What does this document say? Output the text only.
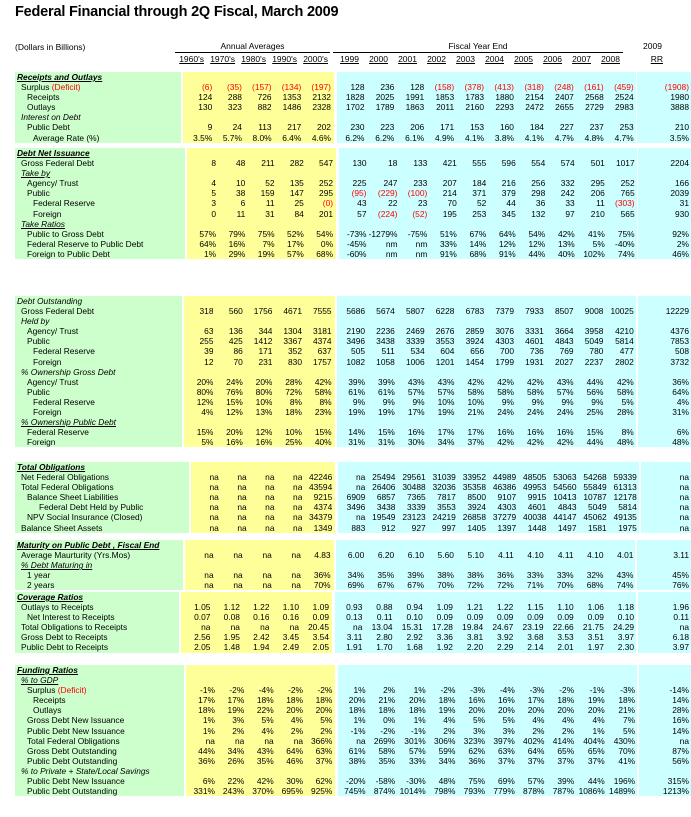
Federal Financial through 2Q Fiscal, March 2009
(Dollars in Billions)	Annual Averages	Fiscal Year End	2009
1960's 1970's 1980's 1990's 2000's	1999	2000	2001	2002	2003	2004	2005	2006	2007	2008	RR
Receipts and Outlays																			
Surplus (Deficit)		(6)	(35)	(157)	(134)	(197)		128	236	128	(158)	(378)	(413)	(318)	(248)	(161)	(459)		(1908)
Receipts		124	288	726	1353	2132		1828	2025	1991	1853	1783	1880	2154	2407	2568	2524		1980
Outlays		130	323	882	1486	2328		1702	1789	1863	2011	2160	2293	2472	2655	2729	2983		3888
Interest on Debt																			
Public Debt		9	24	113	217	202		230	223	206	171	153	160	184	227	237	253		210
Average Rate (%)		3.5%	5.7%	8.0%	6.4%	4.6%		6.2%	6.2%	6.1%	4.9%	4.1%	3.8%	4.1%	4.7%	4.8%	4.7%		3.5%
Debt Net Issuance																			
Gross Federal Debt		8	48	211	282	547		130	18	133	421	555	596	554	574	501	1017		2204
Take by																			
Agency/ Trust		4	10	52	135	252		225	247	233	207	184	216	256	332	295	252		166
Public		5	38	159	147	295		(95)	(229)	(100)	214	371	379	298	242	206	765		2039
Federal Reserve		3	6	11	25	(0)		43	22	23	70	52	44	36	33	11	(303)		31
Foreign		0	11	31	84	201		57	(224)	(52)	195	253	345	132	97	210	565		930
Take Ratios																			
Public to Gross Debt		57%	79%	75%	52%	54%		-73%	-1279%	-75%	51%	67%	64%	54%	42%	41%	75%		92%
Federal Reserve to Public Debt		64%	16%	7%	17%	0%		-45%	nm	nm	33%	14%	12%	12%	13%	5%	-40%		2%
Foreign to Public Debt		1%	29%	19%	57%	68%		-60%	nm	nm	91%	68%	91%	44%	40%	102%	74%		46%
Debt Outstanding																			
Gross Federal Debt		318	560	1756	4671	7555		5686	5674	5807	6228	6783	7379	7933	8507	9008	10025		12229
Held by																			
Agency/ Trust		63	136	344	1304	3181		2190	2236	2469	2676	2859	3076	3331	3664	3958	4210		4376
Public		255	425	1412	3367	4374		3496	3438	3339	3553	3924	4303	4601	4843	5049	5814		7853
Federal Reserve		39	86	171	352	637		505	511	534	604	656	700	736	769	780	477		508
Foreign		12	70	231	830	1757		1082	1058	1006	1201	1454	1799	1931	2027	2237	2802		3732
% Ownership Gross Debt																			
Agency/ Trust		20%	24%	20%	28%	42%		39%	39%	43%	43%	42%	42%	42%	43%	44%	42%		36%
Public		80%	76%	80%	72%	58%		61%	61%	57%	57%	58%	58%	58%	57%	56%	58%		64%
Federal Reserve		12%	15%	10%	8%	8%		9%	9%	9%	10%	10%	9%	9%	9%	9%	5%		4%
Foreign		4%	12%	13%	18%	23%		19%	19%	17%	19%	21%	24%	24%	24%	25%	28%		31%
% Ownership Public Debt																			
Federal Reserve		15%	20%	12%	10%	15%		14%	15%	16%	17%	17%	16%	16%	16%	15%	8%		6%
Foreign		5%	16%	16%	25%	40%		31%	31%	30%	34%	37%	42%	42%	42%	44%	48%		48%
Total Obligations																			
Net Federal Obligations		na	na	na	na	42246		na	25494	29561	31039	33952	44989	48505	53063	54268	59339		na
Total Federal Obligations		na	na	na	na	43594		na	26406	30488	32036	35358	46386	49953	54560	55849	61313		na
Balance Sheet Liabilities		na	na	na	na	9215		6909	6857	7365	7817	8500	9107	9915	10413	10787	12178		na
Federal Debt Held by Public		na	na	na	na	4374		3496	3438	3339	3553	3924	4303	4601	4843	5049	5814		na
NPV Social Insurance (Closed)		na	na	na	na	34379		na	19549	23123	24219	26858	37279	40038	44147	45062	49135		na
Balance Sheet Assets		na	na	na	na	1349		883	912	927	997	1405	1397	1448	1497	1581	1975		na
Maturity on Public Debt , Fiscal End																			
Average Maurturity (Yrs.Mos)		na	na	na	na	4.83		6.00	6.20	6.10	5.60	5.10	4.11	4.10	4.11	4.10	4.01		3.11
% Debt Maturing in																			
1 year		na	na	na	na	36%		34%	35%	39%	38%	38%	36%	33%	33%	32%	43%		45%
2 years		na	na	na	na	70%		69%	67%	67%	70%	72%	72%	71%	70%	68%	74%		76%
Coverage Ratios																			
Outlays to Receipts		1.05	1.12	1.22	1.10	1.09		0.93	0.88	0.94	1.09	1.21	1.22	1.15	1.10	1.06	1.18		1.96
Net Interest to Receipts		0.07	0.08	0.16	0.16	0.09		0.13	0.11	0.10	0.09	0.09	0.09	0.09	0.09	0.09	0.10		0.11
Total Obligations to Receipts		na	na	na	na	20.45		na	13.04	15.31	17.28	19.84	24.67	23.19	22.66	21.75	24.29		na
Gross Debt to Receipts		2.56	1.95	2.42	3.45	3.54		3.11	2.80	2.92	3.36	3.81	3.92	3.68	3.53	3.51	3.97		6.18
Public Debt to Receipts		2.05	1.48	1.94	2.49	2.05		1.91	1.70	1.68	1.92	2.20	2.29	2.14	2.01	1.97	2.30		3.97
Funding Ratios																			
% to GDP																			
Surplus (Deficit)		-1%	-2%	-4%	-2%	-2%		1%	2%	1%	-2%	-3%	-4%	-3%	-2%	-1%	-3%		-14%
Receipts		17%	17%	18%	18%	18%		20%	21%	20%	18%	16%	16%	17%	18%	19%	18%		14%
Outlays		18%	19%	22%	20%	20%		18%	18%	18%	19%	20%	20%	20%	20%	20%	21%		28%
Gross Debt New Issuance		1%	3%	5%	4%	5%		1%	0%	1%	4%	5%	5%	4%	4%	4%	7%		16%
Public Debt New Issuance		1%	2%	4%	2%	2%		-1%	-2%	-1%	2%	3%	3%	2%	2%	1%	5%		14%
Total Federal Obligations		na	na	na	na	366%		na	269%	301%	306%	323%	397%	402%	414%	404%	430%		na
Gross Debt Outstanding		44%	34%	43%	64%	63%		61%	58%	57%	59%	62%	63%	64%	65%	65%	70%		87%
Public Debt Outstanding		36%	26%	35%	46%	37%		38%	35%	33%	34%	36%	37%	37%	37%	37%	41%		56%
% to Private + State/Local Savings																			
Public Debt New Issuance		6%	22%	42%	30%	62%		-20%	-58%	-30%	48%	75%	69%	57%	39%	44%	196%		315%
Public Debt Outstanding		331%	243%	370%	695%	925%		745%	874%	1014%	798%	793%	779%	878%	787%	1086%	1489%		1213%
